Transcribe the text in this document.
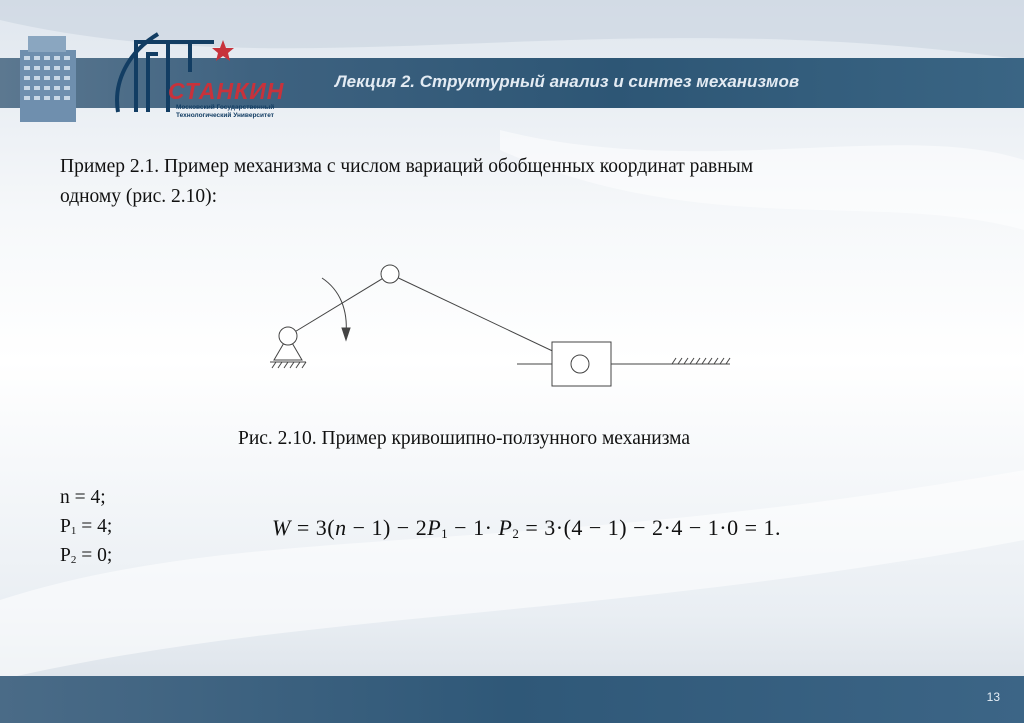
Лекция 2. Структурный анализ и синтез механизмов
СТАНКИН
Московский Государственный
Технологический Университет
Пример 2.1. Пример механизма с числом вариаций обобщенных координат равным
одному (рис. 2.10):
Рис. 2.10. Пример кривошипно-ползунного механизма
n = 4;
$P_1 = 4$;
$P_2 = 0$;
$W = 3(n - 1) - 2P_1 - 1\cdot P_2 = 3\cdot(4 - 1) - 2\cdot 4 - 1\cdot 0 = 1$.
13
